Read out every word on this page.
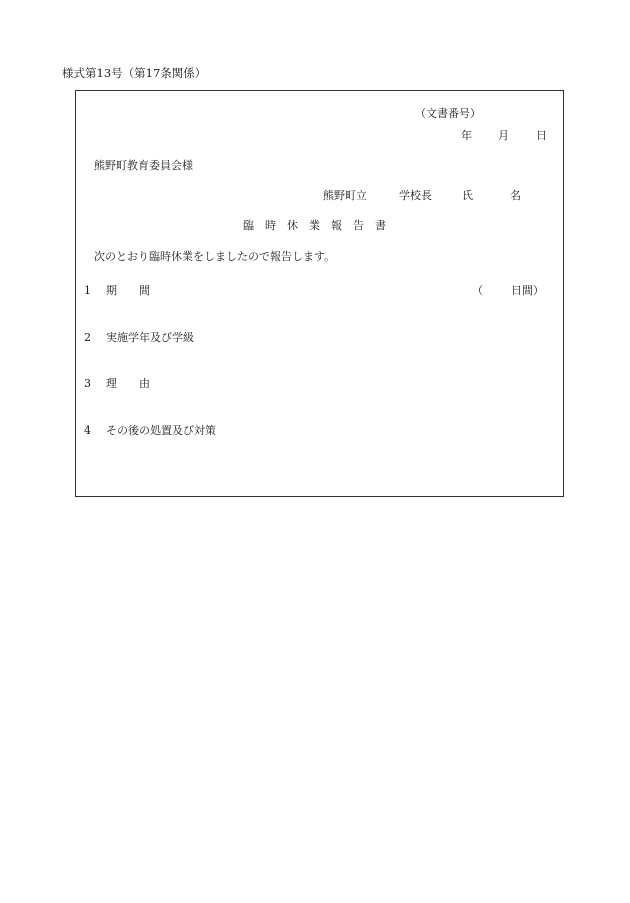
様式第13号（第17条関係）
（文書番号）
年 月 日
熊野町教育委員会様
熊野町立	学校長	氏	名
臨　時　休　業　報　告　書
次のとおり臨時休業をしましたので報告します。
1 期　　間	（	日間）
2 実施学年及び学級
3 理　　由
4 その後の処置及び対策
